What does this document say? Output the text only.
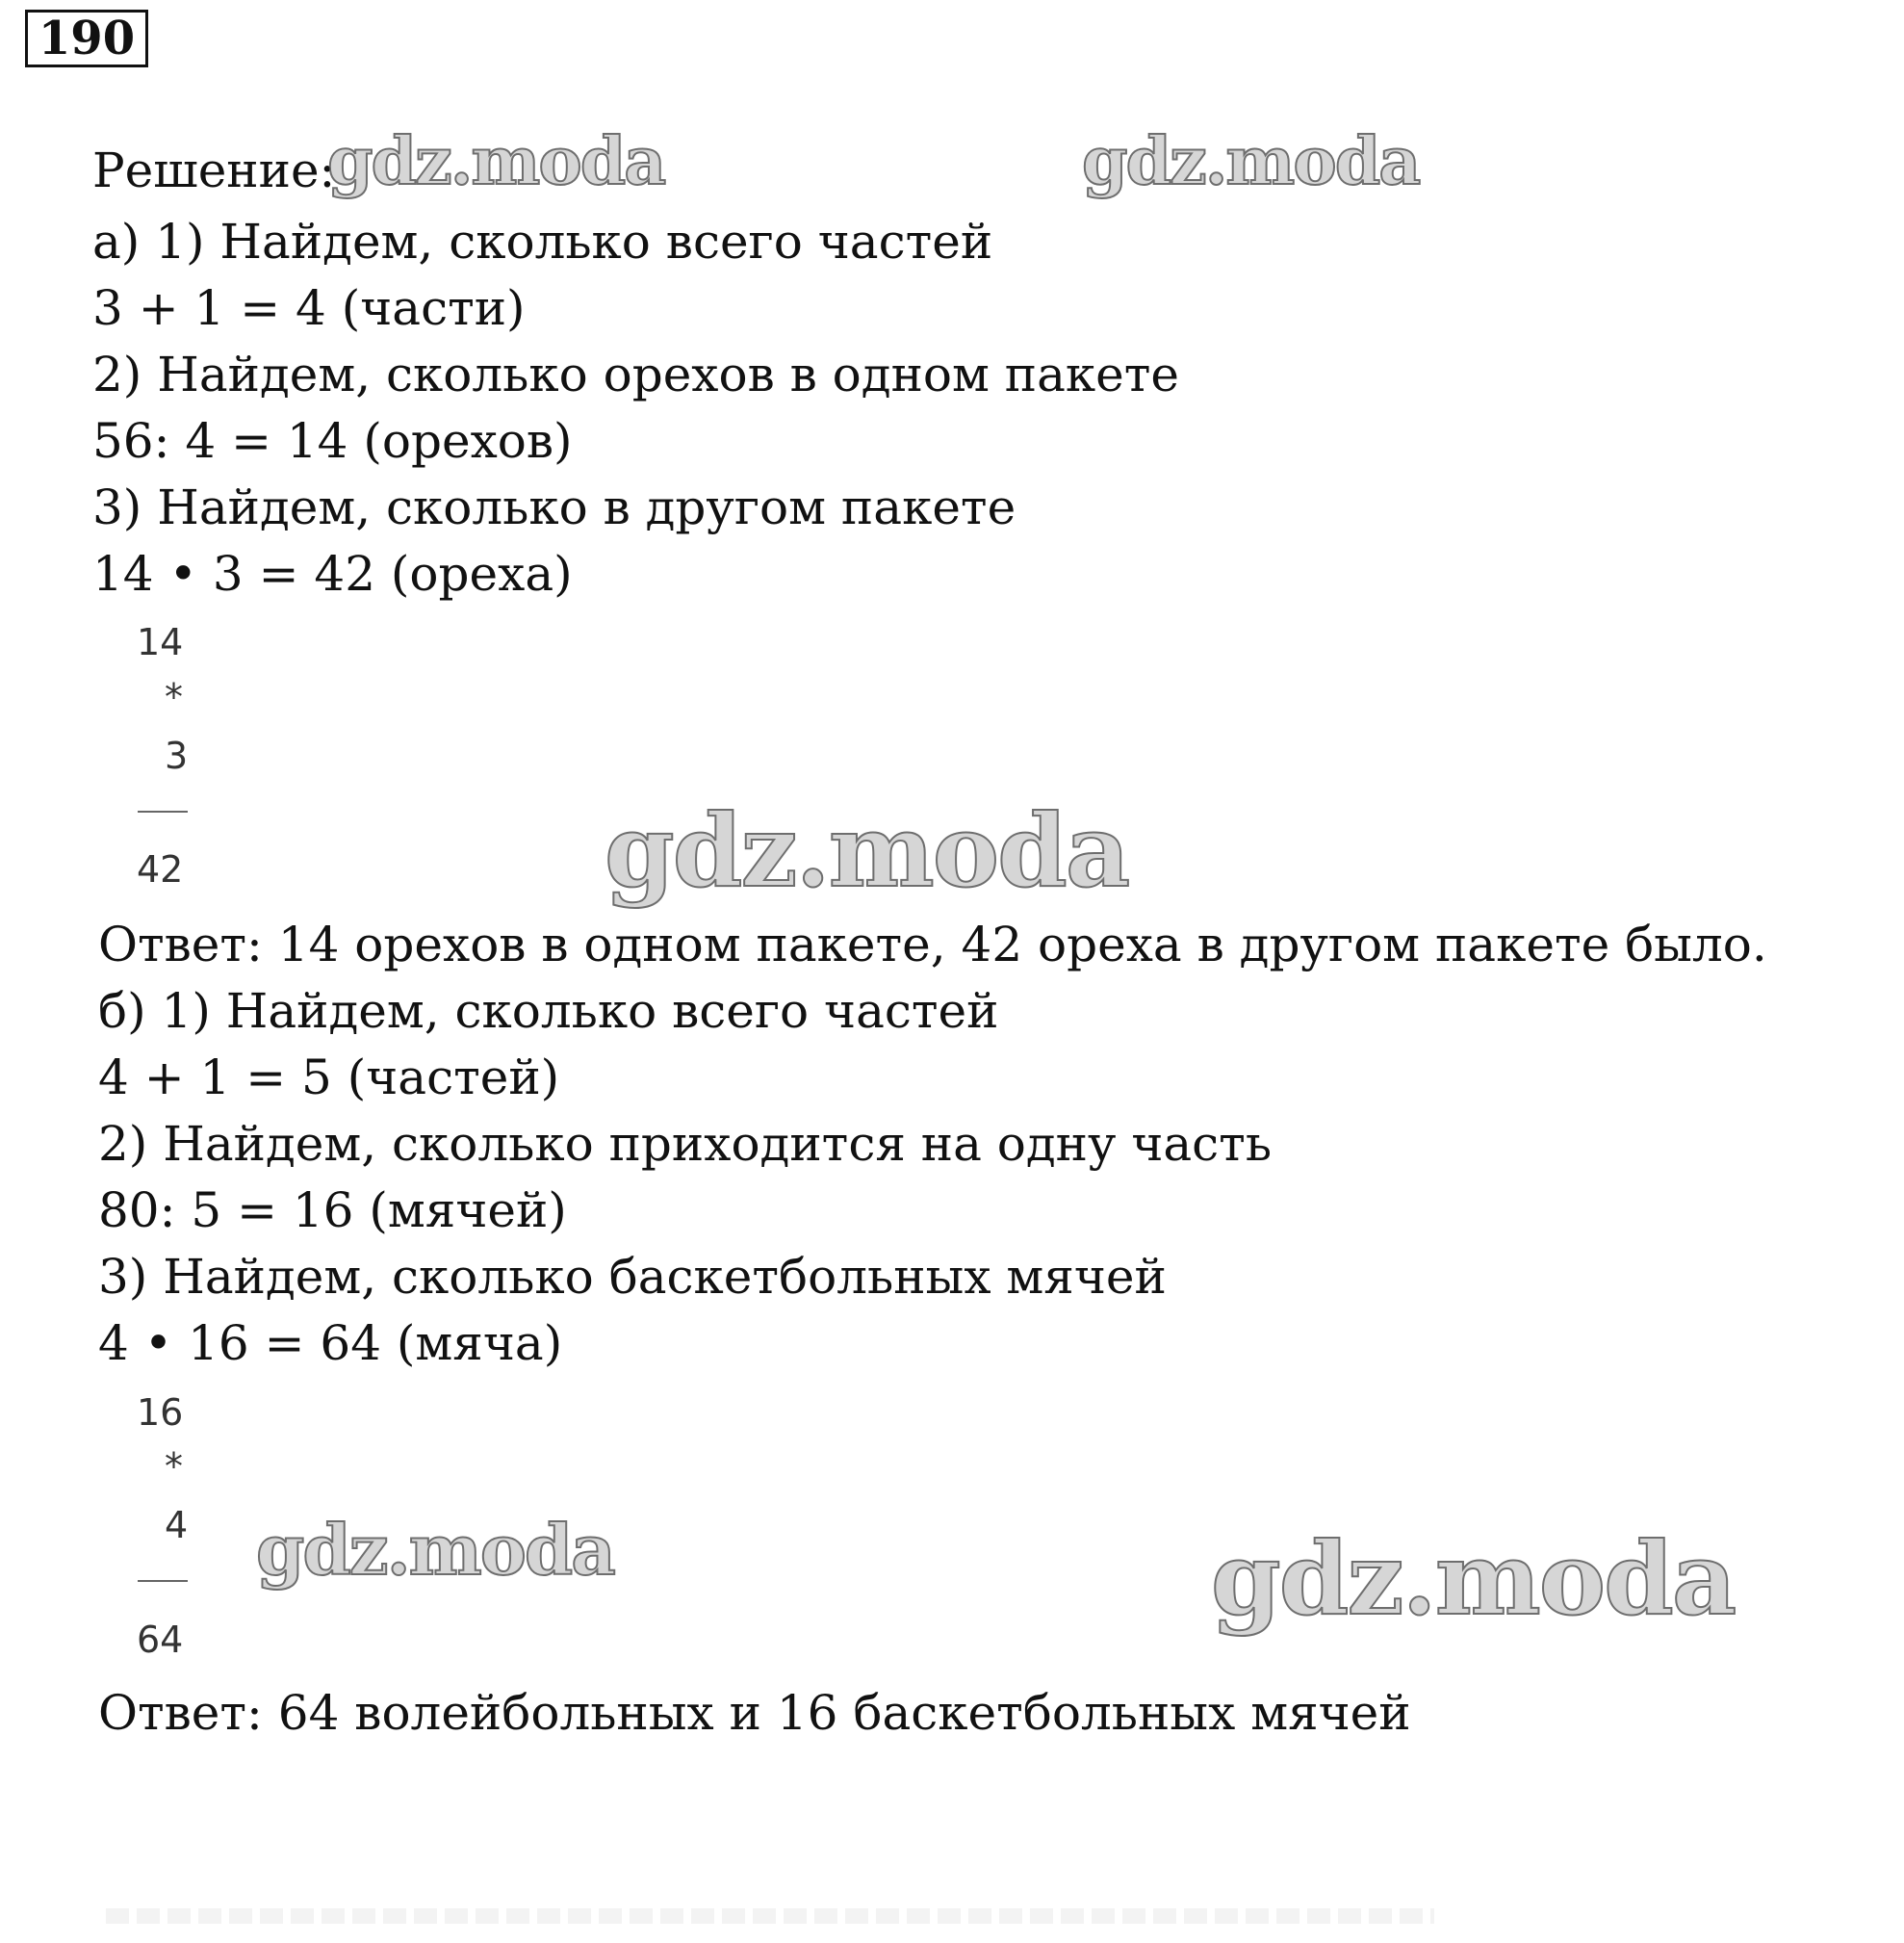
190
Решение:
а) 1) Найдем, сколько всего частей
3 + 1 = 4 (части)
2) Найдем, сколько орехов в одном пакете
56: 4 = 14 (орехов)
3) Найдем, сколько в другом пакете
14 • 3 = 42 (ореха)
14
*
3
42
Ответ: 14 орехов в одном пакете, 42 ореха в другом пакете было.
б) 1) Найдем, сколько всего частей
4 + 1 = 5 (частей)
2) Найдем, сколько приходится на одну часть
80: 5 = 16 (мячей)
3) Найдем, сколько баскетбольных мячей
4 • 16 = 64 (мяча)
16
*
4
64
Ответ: 64 волейбольных и 16 баскетбольных мячей
gdz.moda	gdz.moda
gdz.moda
gdz.moda	gdz.moda
